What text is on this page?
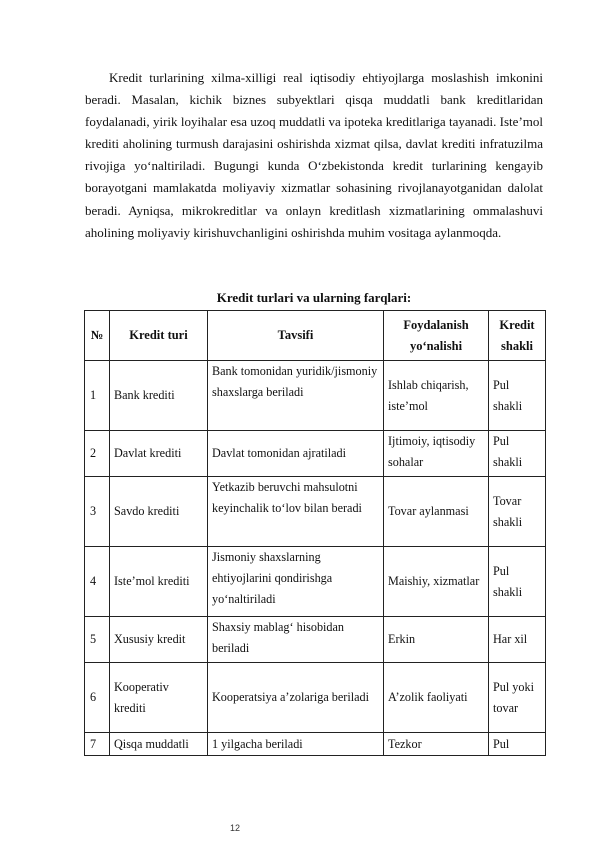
Kredit turlarining xilma-xilligi real iqtisodiy ehtiyojlarga moslashish imkonini beradi. Masalan, kichik biznes subyektlari qisqa muddatli bank kreditlaridan foydalanadi, yirik loyihalar esa uzoq muddatli va ipoteka kreditlariga tayanadi. Iste’mol krediti aholining turmush darajasini oshirishda xizmat qilsa, davlat krediti infratuzilma rivojiga yo‘naltiriladi. Bugungi kunda O‘zbekistonda kredit turlarining kengayib borayotgani mamlakatda moliyaviy xizmatlar sohasining rivojlanayotganidan dalolat beradi. Ayniqsa, mikrokreditlar va onlayn kreditlash xizmatlarining ommalashuvi aholining moliyaviy kirishuvchanligini oshirishda muhim vositaga aylanmoqda.

Kredit turlari va ularning farqlari:

№	Kredit turi	Tavsifi	Foydalanish yo‘nalishi	Kredit shakli
1	Bank krediti	Bank tomonidan yuridik/jismoniy shaxslarga beriladi	Ishlab chiqarish, iste’mol	Pul shakli
2	Davlat krediti	Davlat tomonidan ajratiladi	Ijtimoiy, iqtisodiy sohalar	Pul shakli
3	Savdo krediti	Yetkazib beruvchi mahsulotni keyinchalik to‘lov bilan beradi	Tovar aylanmasi	Tovar shakli
4	Iste’mol krediti	Jismoniy shaxslarning ehtiyojlarini qondirishga yo‘naltiriladi	Maishiy, xizmatlar	Pul shakli
5	Xususiy kredit	Shaxsiy mablag‘ hisobidan beriladi	Erkin	Har xil
6	Kooperativ krediti	Kooperatsiya a’zolariga beriladi	A’zolik faoliyati	Pul yoki tovar
7	Qisqa muddatli	1 yilgacha beriladi	Tezkor	Pul
12
